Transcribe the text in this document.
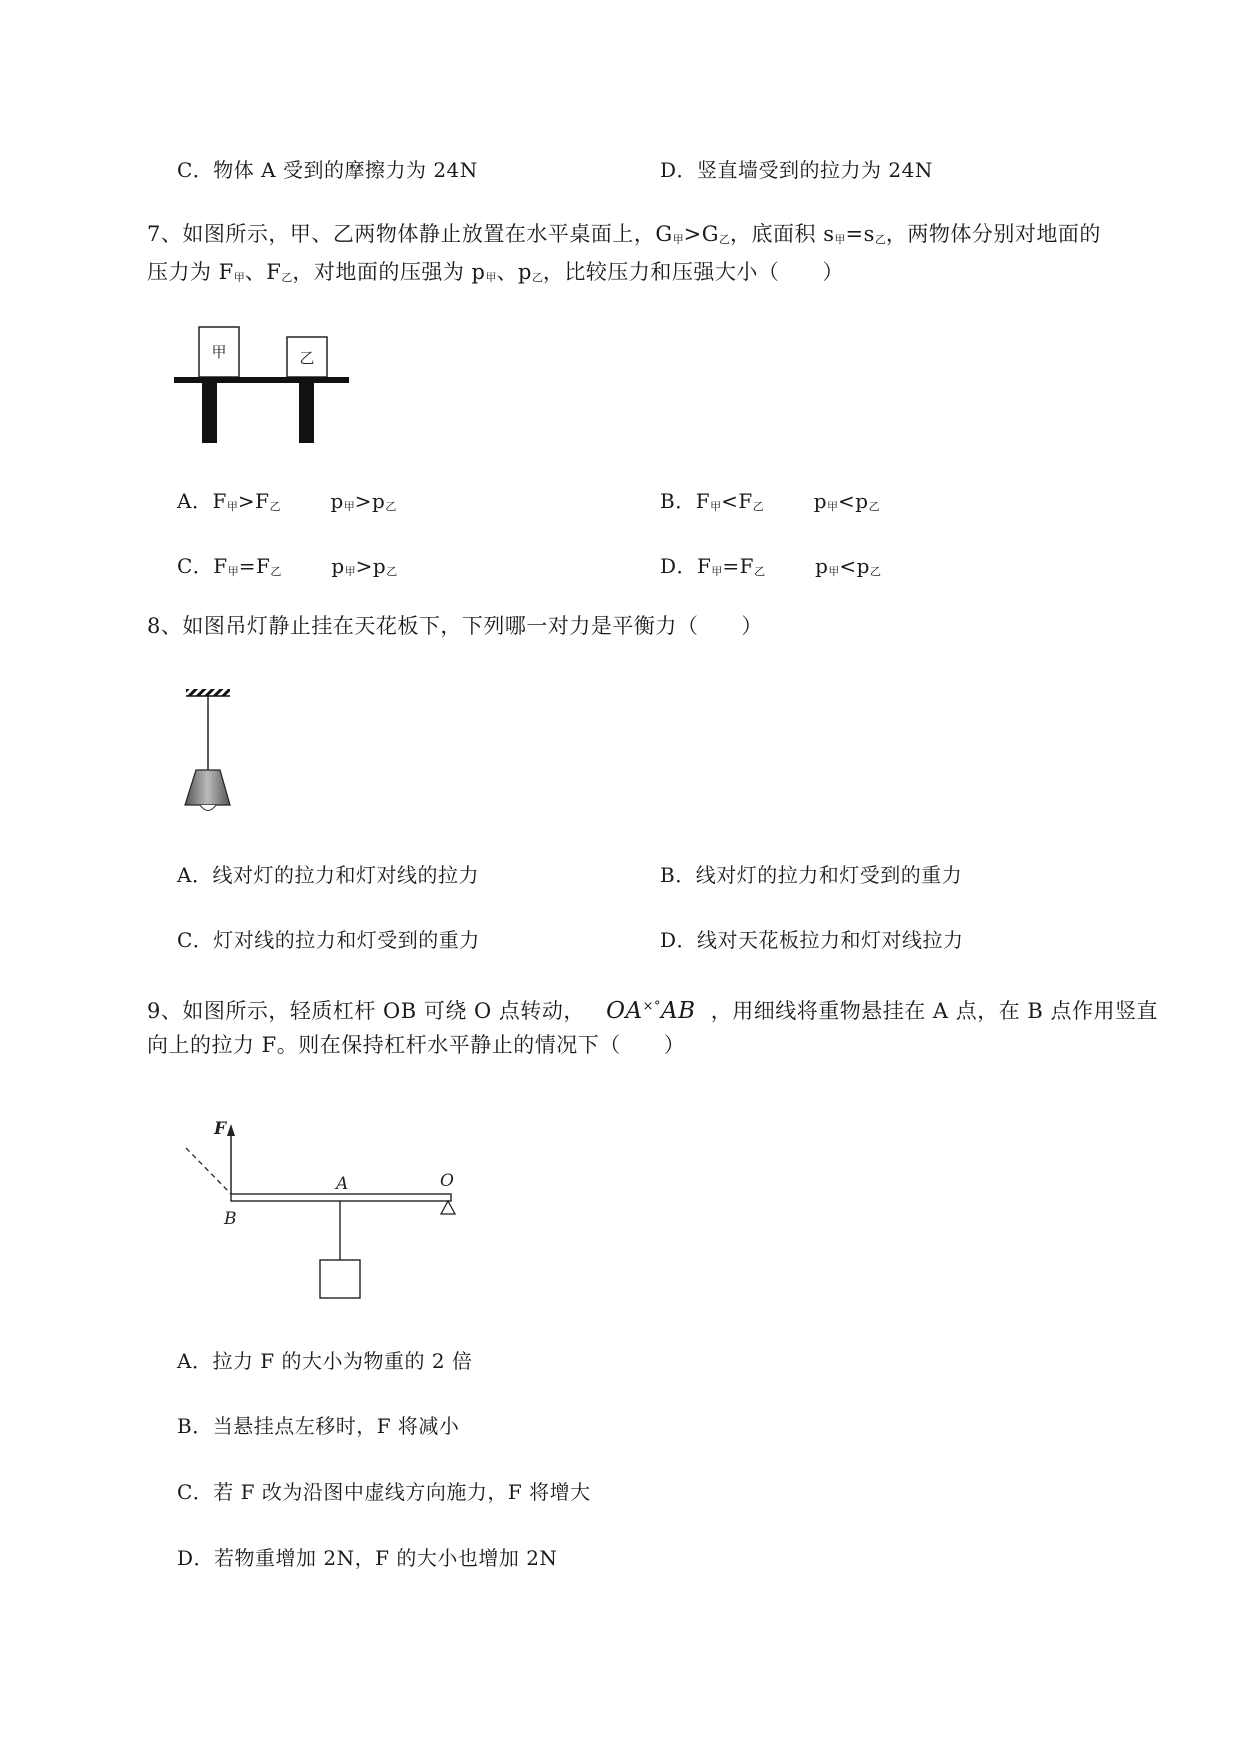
C．物体 A 受到的摩擦力为 24N	D．竖直墙受到的拉力为 24N
7、如图所示，甲、乙两物体静止放置在水平桌面上，G甲>G乙，底面积 s甲=s乙，两物体分别对地面的
压力为 F甲、F乙，对地面的压强为 p甲、p乙，比较压力和压强大小（　　）
甲	乙
A．F甲>F乙	p甲>p乙	B．F甲<F乙	p甲<p乙
C．F甲=F乙	p甲>p乙	D．F甲=F乙	p甲<p乙
8、如图吊灯静止挂在天花板下，下列哪一对力是平衡力（　　）
A．线对灯的拉力和灯对线的拉力	B．线对灯的拉力和灯受到的重力
C．灯对线的拉力和灯受到的重力	D．线对天花板拉力和灯对线拉力
9、如图所示，轻质杠杆 OB 可绕 O 点转动， OA×°AB ，用细线将重物悬挂在 A 点，在 B 点作用竖直
向上的拉力 F。则在保持杠杆水平静止的情况下（　　）
F
A	O
B
A．拉力 F 的大小为物重的 2 倍
B．当悬挂点左移时，F 将减小
C．若 F 改为沿图中虚线方向施力，F 将增大
D．若物重增加 2N，F 的大小也增加 2N
